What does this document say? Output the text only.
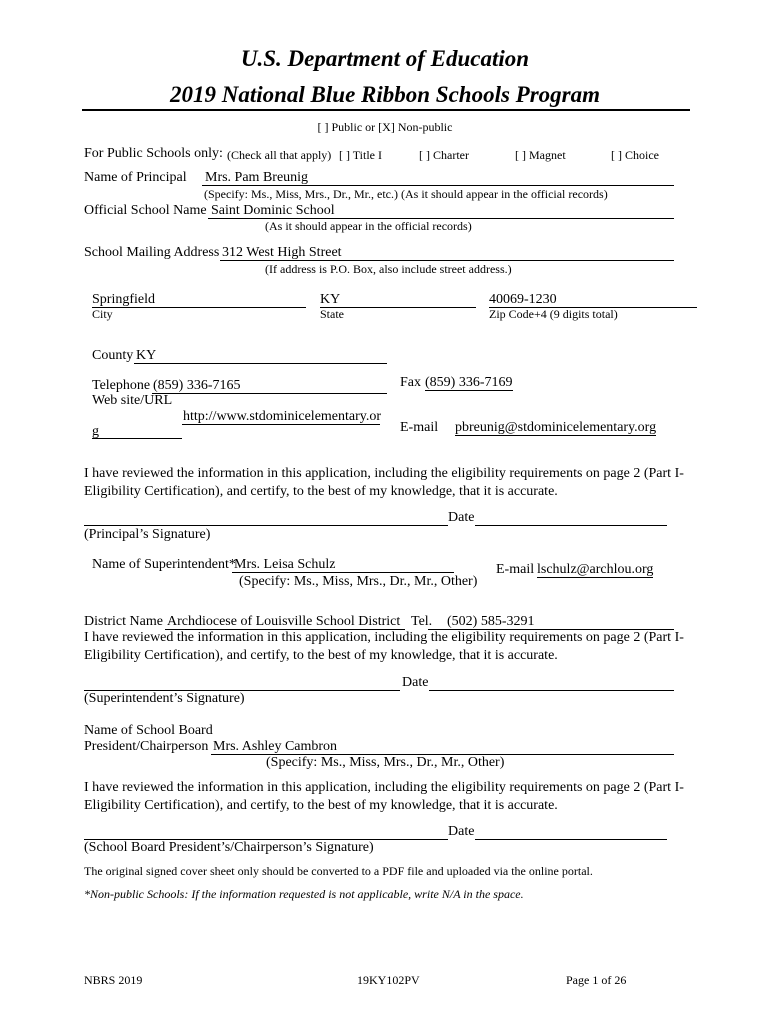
U.S. Department of Education
2019 National Blue Ribbon Schools Program
[ ] Public or [X] Non-public
For Public Schools only: (Check all that apply) [ ] Title I	[ ] Charter	[ ] Magnet	[ ] Choice
Name of Principal Mrs. Pam Breunig
(Specify: Ms., Miss, Mrs., Dr., Mr., etc.) (As it should appear in the official records)
Official School Name Saint Dominic School
(As it should appear in the official records)
School Mailing Address 312 West High Street
(If address is P.O. Box, also include street address.)
Springfield
City
KY
State
40069-1230
Zip Code+4 (9 digits total)
County KY
Telephone (859) 336-7165	Fax (859) 336-7169
Web site/URL
http://www.stdominicelementary.or
g	E-mail pbreunig@stdominicelementary.org
I have reviewed the information in this application, including the eligibility requirements on page 2 (Part I-Eligibility Certification), and certify, to the best of my knowledge, that it is accurate.
Date
(Principal’s Signature)
Name of Superintendent*
Mrs. Leisa Schulz
(Specify: Ms., Miss, Mrs., Dr., Mr., Other)
E-mail lschulz@archlou.org
District Name Archdiocese of Louisville School District Tel. (502) 585-3291
I have reviewed the information in this application, including the eligibility requirements on page 2 (Part I-Eligibility Certification), and certify, to the best of my knowledge, that it is accurate.
Date
(Superintendent’s Signature)
Name of School Board
President/Chairperson Mrs. Ashley Cambron
(Specify: Ms., Miss, Mrs., Dr., Mr., Other)
I have reviewed the information in this application, including the eligibility requirements on page 2 (Part I-Eligibility Certification), and certify, to the best of my knowledge, that it is accurate.
Date
(School Board President’s/Chairperson’s Signature)
The original signed cover sheet only should be converted to a PDF file and uploaded via the online portal.
*Non-public Schools: If the information requested is not applicable, write N/A in the space.
NBRS 2019	19KY102PV	Page 1 of 26
